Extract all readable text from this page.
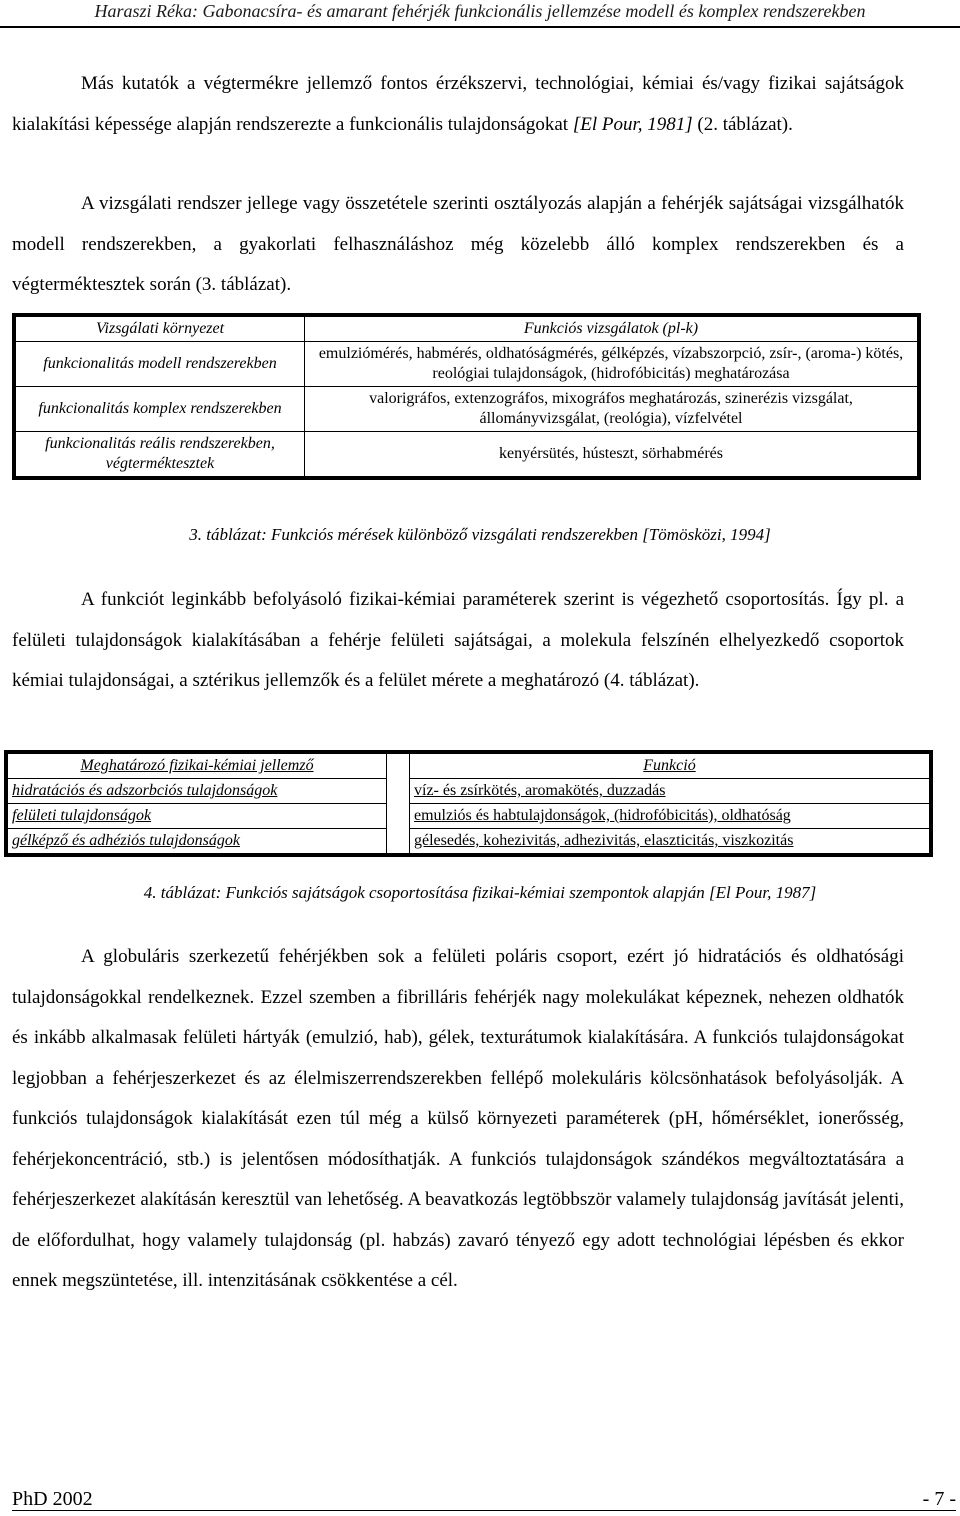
Haraszi Réka: Gabonacsíra- és amarant fehérjék funkcionális jellemzése modell és komplex rendszerekben

Más kutatók a végtermékre jellemző fontos érzékszervi, technológiai, kémiai és/vagy fizikai sajátságok kialakítási képessége alapján rendszerezte a funkcionális tulajdonságokat [El Pour, 1981] (2. táblázat).

A vizsgálati rendszer jellege vagy összetétele szerinti osztályozás alapján a fehérjék sajátságai vizsgálhatók modell rendszerekben, a gyakorlati felhasználáshoz még közelebb álló komplex rendszerekben és a végterméktesztek során (3. táblázat).

Vizsgálati környezet	Funkciós vizsgálatok (pl-k)
funkcionalitás modell rendszerekben	emulziómérés, habmérés, oldhatóságmérés, gélképzés, vízabszorpció, zsír-, (aroma-) kötés, reológiai tulajdonságok, (hidrofóbicitás) meghatározása
funkcionalitás komplex rendszerekben	valorigráfos, extenzográfos, mixográfos meghatározás, szinerézis vizsgálat, állományvizsgálat, (reológia), vízfelvétel
funkcionalitás reális rendszerekben, végterméktesztek	kenyérsütés, hústeszt, sörhabmérés
3. táblázat: Funkciós mérések különböző vizsgálati rendszerekben [Tömösközi, 1994]

A funkciót leginkább befolyásoló fizikai-kémiai paraméterek szerint is végezhető csoportosítás. Így pl. a felületi tulajdonságok kialakításában a fehérje felületi sajátságai, a molekula felszínén elhelyezkedő csoportok kémiai tulajdonságai, a sztérikus jellemzők és a felület mérete a meghatározó (4. táblázat).

Meghatározó fizikai-kémiai jellemző		Funkció
hidratációs és adszorbciós tulajdonságok		víz- és zsírkötés, aromakötés, duzzadás
felületi tulajdonságok		emulziós és habtulajdonságok, (hidrofóbicitás), oldhatóság
gélképző és adhéziós tulajdonságok		gélesedés, kohezivitás, adhezivitás, elaszticitás, viszkozitás
4. táblázat: Funkciós sajátságok csoportosítása fizikai-kémiai szempontok alapján [El Pour, 1987]

A globuláris szerkezetű fehérjékben sok a felületi poláris csoport, ezért jó hidratációs és oldhatósági tulajdonságokkal rendelkeznek. Ezzel szemben a fibrilláris fehérjék nagy molekulákat képeznek, nehezen oldhatók és inkább alkalmasak felületi hártyák (emulzió, hab), gélek, texturátumok kialakítására. A funkciós tulajdonságokat legjobban a fehérjeszerkezet és az élelmiszerrendszerekben fellépő molekuláris kölcsönhatások befolyásolják. A funkciós tulajdonságok kialakítását ezen túl még a külső környezeti paraméterek (pH, hőmérséklet, ionerősség, fehérjekoncentráció, stb.) is jelentősen módosíthatják. A funkciós tulajdonságok szándékos megváltoztatására a fehérjeszerkezet alakításán keresztül van lehetőség. A beavatkozás legtöbbször valamely tulajdonság javítását jelenti, de előfordulhat, hogy valamely tulajdonság (pl. habzás) zavaró tényező egy adott technológiai lépésben és ekkor ennek megszüntetése, ill. intenzitásának csökkentése a cél.

PhD 2002	- 7 -
